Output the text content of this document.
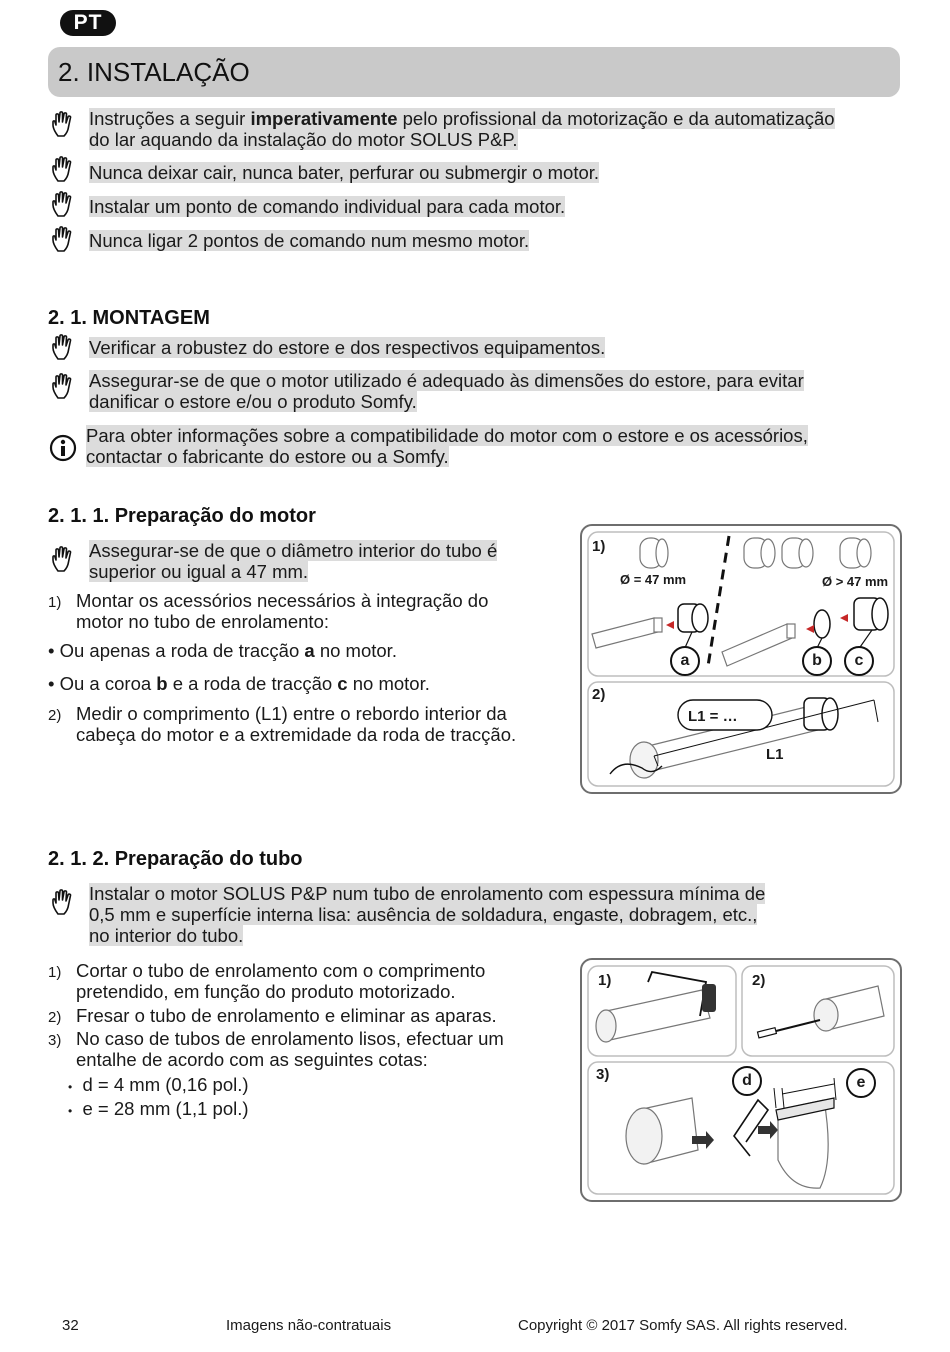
PT
2. INSTALAÇÃO
Instruções a seguir imperativamente pelo profissional da motorização e da automatização
do lar aquando da instalação do motor SOLUS P&P.
Nunca deixar cair, nunca bater, perfurar ou submergir o motor.
Instalar um ponto de comando individual para cada motor.
Nunca ligar 2 pontos de comando num mesmo motor.
2. 1. MONTAGEM
Verificar a robustez do estore e dos respectivos equipamentos.
Assegurar-se de que o motor utilizado é adequado às dimensões do estore, para evitar
danificar o estore e/ou o produto Somfy.
Para obter informações sobre a compatibilidade do motor com o estore e os acessórios,
contactar o fabricante do estore ou a Somfy.
2. 1. 1. Preparação do motor
Assegurar-se de que o diâmetro interior do tubo é
superior ou igual a 47 mm.
1) Montar os acessórios necessários à integração do
motor no tubo de enrolamento:
• Ou apenas a roda de tracção a no motor.
• Ou a coroa b e a roda de tracção c no motor.
2) Medir o comprimento (L1) entre o rebordo interior da
cabeça do motor e a extremidade da roda de tracção.
1)
2)
Ø = 47 mm	Ø > 47 mm
a	b	c
L1 = …
L1
2. 1. 2. Preparação do tubo
Instalar o motor SOLUS P&P num tubo de enrolamento com espessura mínima de
0,5 mm e superfície interna lisa: ausência de soldadura, engaste, dobragem, etc.,
no interior do tubo.
1) Cortar o tubo de enrolamento com o comprimento
pretendido, em função do produto motorizado.
2) Fresar o tubo de enrolamento e eliminar as aparas.
3) No caso de tubos de enrolamento lisos, efectuar um
entalhe de acordo com as seguintes cotas:
• d = 4 mm (0,16 pol.)
• e = 28 mm (1,1 pol.)
1)	2)
3)	d	e
32	Imagens não-contratuais	Copyright © 2017 Somfy SAS. All rights reserved.
